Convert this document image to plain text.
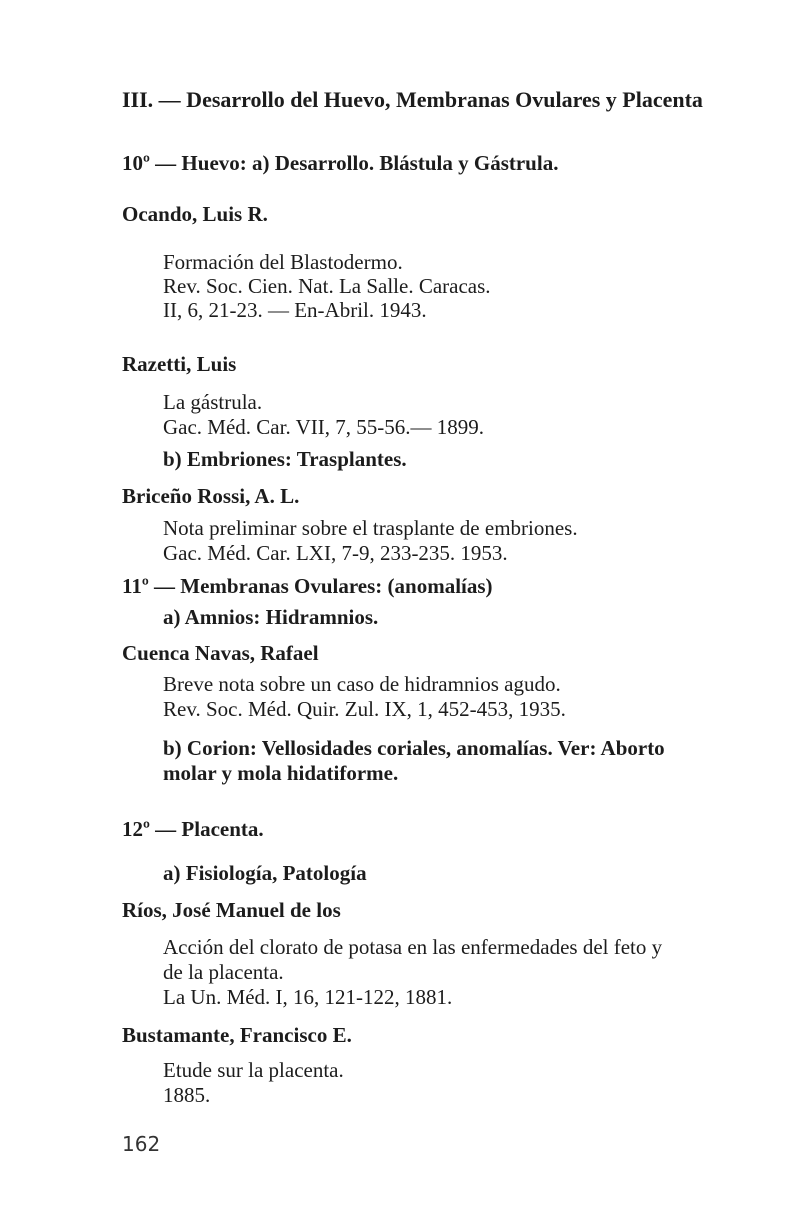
III. — Desarrollo del Huevo, Membranas Ovulares y Placenta
10º — Huevo: a) Desarrollo. Blástula y Gástrula.
Ocando, Luis R.
Formación del Blastodermo.
Rev. Soc. Cien. Nat. La Salle. Caracas.
II, 6, 21-23. — En-Abril. 1943.
Razetti, Luis
La gástrula.
Gac. Méd. Car. VII, 7, 55-56.— 1899.
b) Embriones: Trasplantes.
Briceño Rossi, A. L.
Nota preliminar sobre el trasplante de embriones.
Gac. Méd. Car. LXI, 7-9, 233-235. 1953.
11º — Membranas Ovulares: (anomalías)
a) Amnios: Hidramnios.
Cuenca Navas, Rafael
Breve nota sobre un caso de hidramnios agudo.
Rev. Soc. Méd. Quir. Zul. IX, 1, 452-453, 1935.
b) Corion: Vellosidades coriales, anomalías. Ver: Aborto
molar y mola hidatiforme.
12º — Placenta.
a) Fisiología, Patología
Ríos, José Manuel de los
Acción del clorato de potasa en las enfermedades del feto y
de la placenta.
La Un. Méd. I, 16, 121-122, 1881.
Bustamante, Francisco E.
Etude sur la placenta.
1885.
162
